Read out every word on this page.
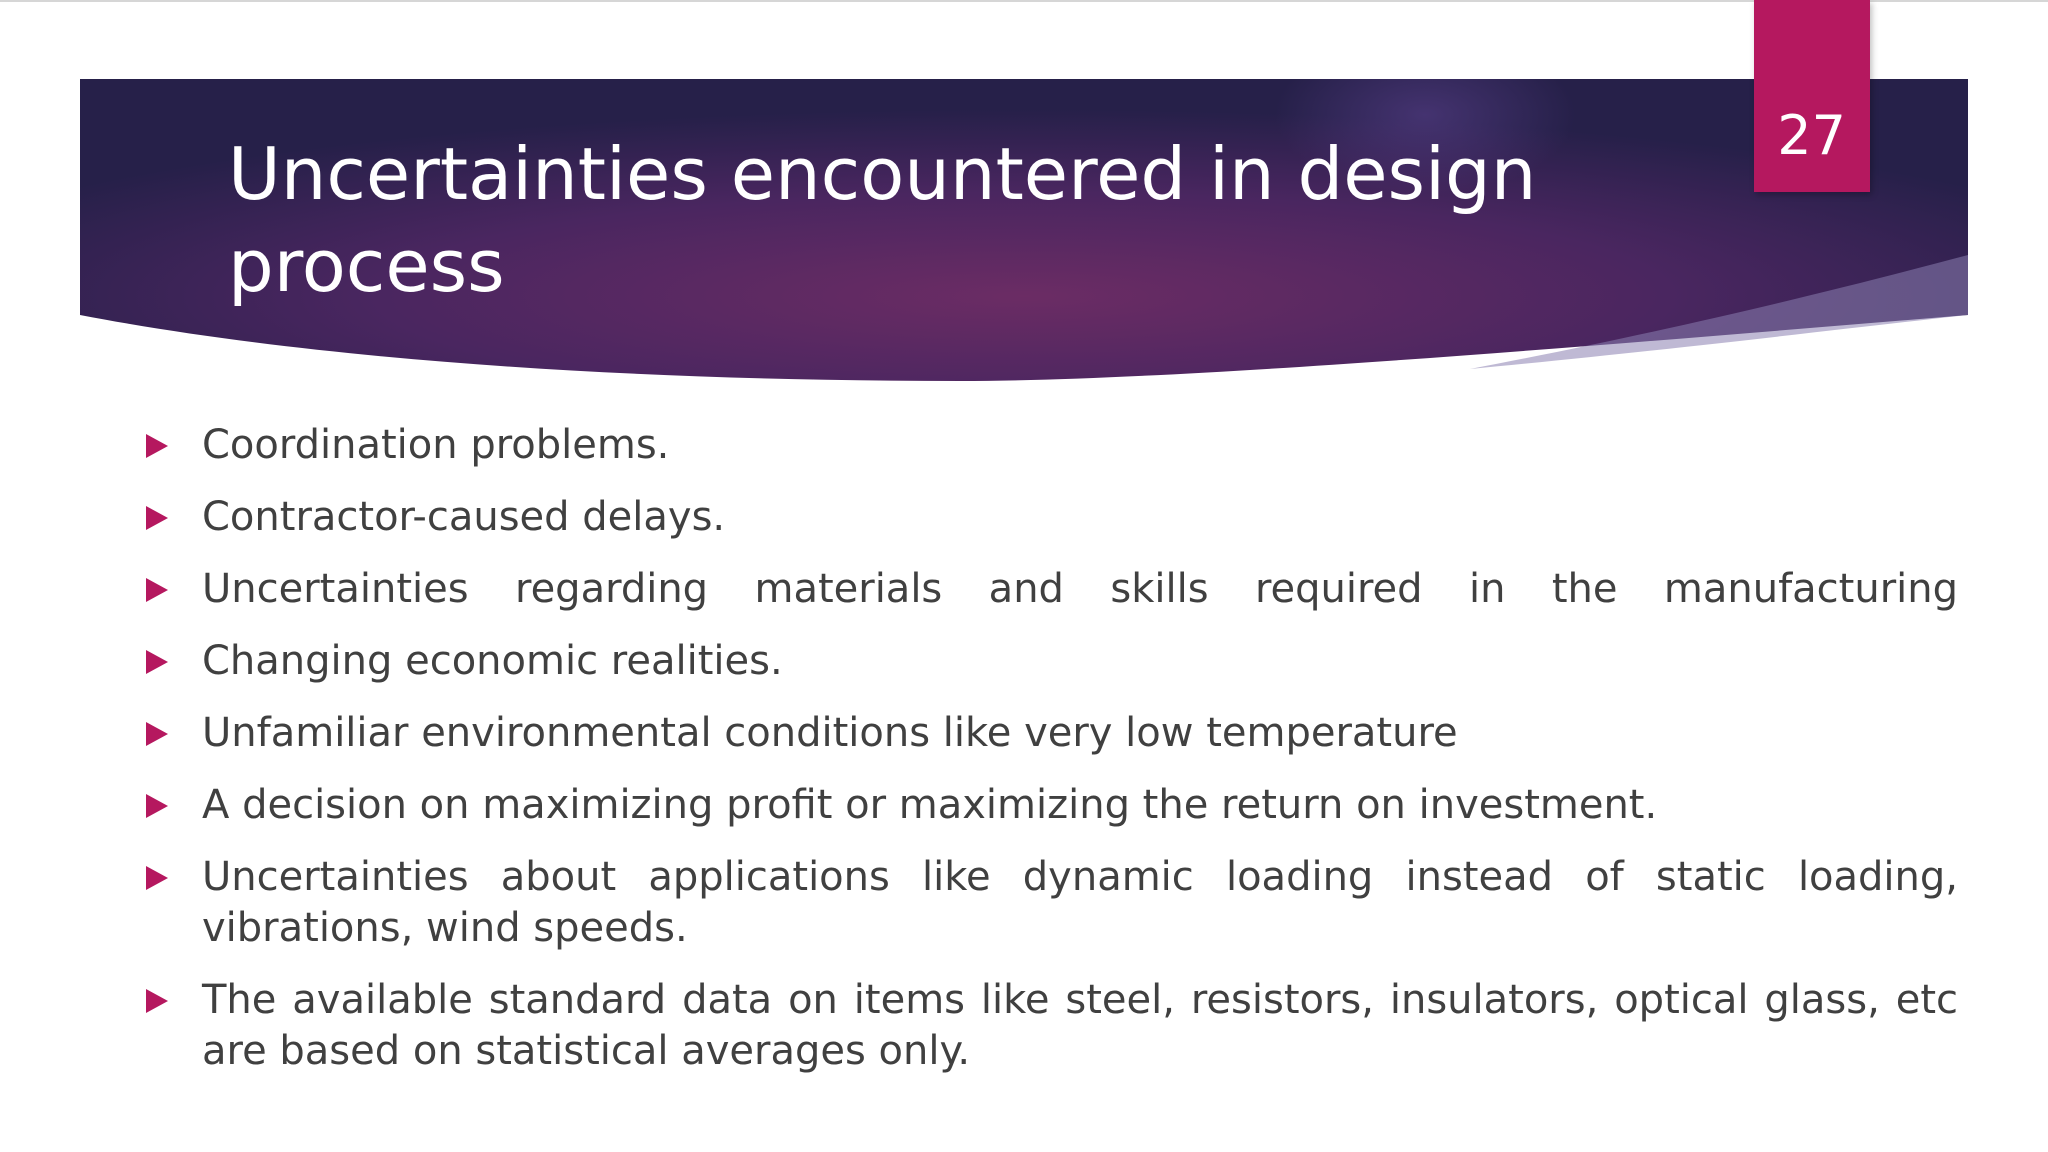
Uncertainties encountered in design process
27
Coordination problems.
Contractor-caused delays.
Uncertainties regarding materials and skills required in the manufacturing
Changing economic realities.
Unfamiliar environmental conditions like very low temperature
A decision on maximizing profit or maximizing the return on investment.
Uncertainties about applications like dynamic loading instead of static loading, vibrations, wind speeds.
The available standard data on items like steel, resistors, insulators, optical glass, etc are based on statistical averages only.
